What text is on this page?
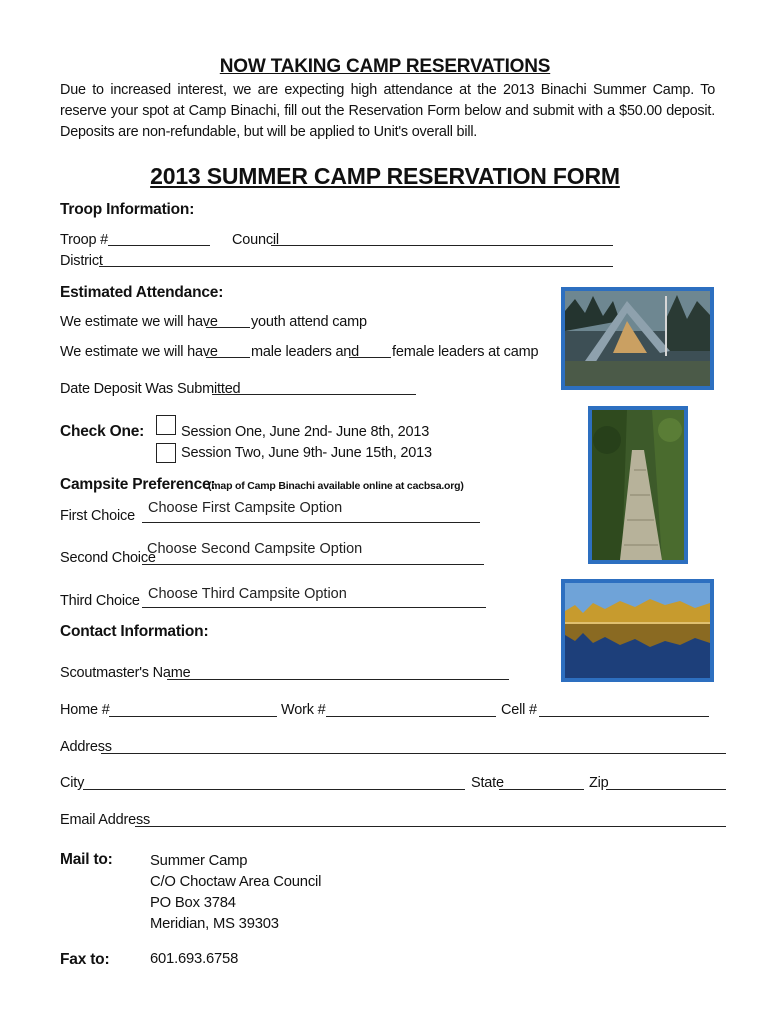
NOW TAKING CAMP RESERVATIONS
Due to increased interest, we are expecting high attendance at the 2013 Binachi Summer Camp. To reserve your spot at Camp Binachi, fill out the Reservation Form below and submit with a $50.00 deposit. Deposits are non-refundable, but will be applied to Unit's overall bill.
2013 SUMMER CAMP RESERVATION FORM
Troop Information:
Troop #	Council
District
Estimated Attendance:
We estimate we will have youth attend camp
We estimate we will have male leaders and female leaders at camp
Date Deposit Was Submitted
Check One:	Session One, June 2nd- June 8th, 2013
Session Two, June 9th- June 15th, 2013
Campsite Preference:
(map of Camp Binachi available online at cacbsa.org)
First Choice Choose First Campsite Option
Second Choice
Choose Second Campsite Option
Third Choice Choose Third Campsite Option
Contact Information:
Scoutmaster's Name
Home #	Work #	Cell #
Address
City	State	Zip
Email Address
Mail to:	Summer Camp
C/O Choctaw Area Council
PO Box 3784
Meridian, MS 39303
Fax to:	601.693.6758
